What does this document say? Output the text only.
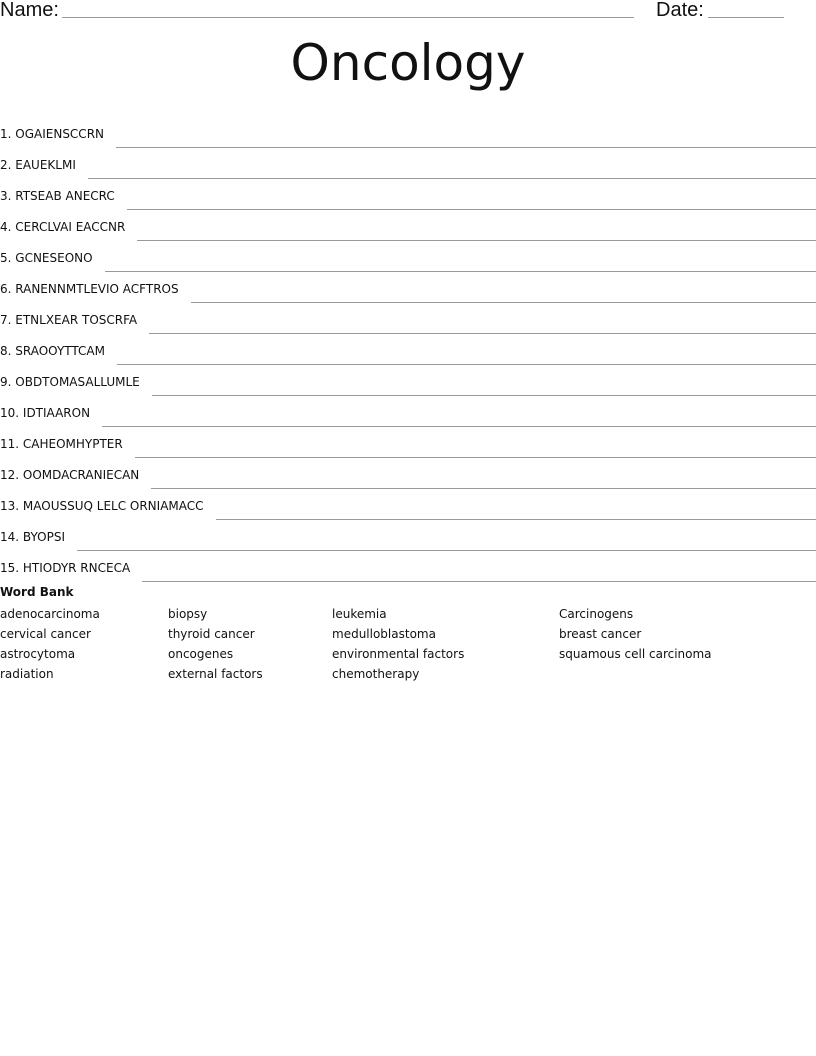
Name:	Date:
Oncology
1. OGAIENSCCRN
2. EAUEKLMI
3. RTSEAB ANECRC
4. CERCLVAI EACCNR
5. GCNESEONO
6. RANENNMTLEVIO ACFTROS
7. ETNLXEAR TOSCRFA
8. SRAOOYTTCAM
9. OBDTOMASALLUMLE
10. IDTIAARON
11. CAHEOMHYPTER
12. OOMDACRANIECAN
13. MAOUSSUQ LELC ORNIAMACC
14. BYOPSI
15. HTIODYR RNCECA
Word Bank
adenocarcinoma
cervical cancer
astrocytoma
radiation
biopsy
thyroid cancer
oncogenes
external factors
leukemia
medulloblastoma
environmental factors
chemotherapy
Carcinogens
breast cancer
squamous cell carcinoma
